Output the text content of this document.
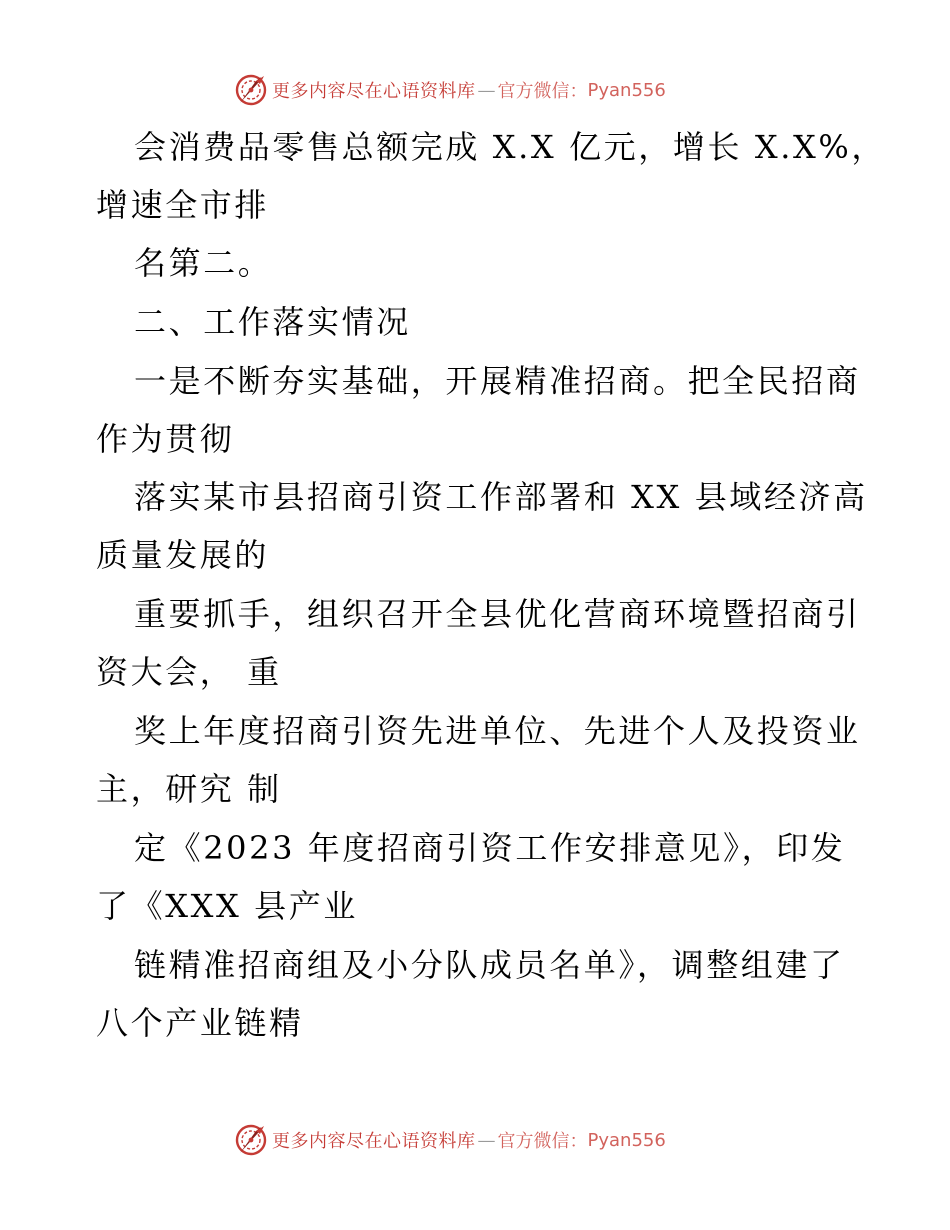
更多内容尽在心语资料库 — 官方微信： Pyan556
会消费品零售总额完成 X.X 亿元，增长 X.X%，
增速全市排
名第二。
二、工作落实情况
一是不断夯实基础，开展精准招商。把全民招商
作为贯彻
落实某市县招商引资工作部署和 XX 县域经济高
质量发展的
重要抓手，组织召开全县优化营商环境暨招商引
资大会， 重
奖上年度招商引资先进单位、先进个人及投资业
主，研究 制
定《2023 年度招商引资工作安排意见》，印发
了《XXX 县产业
链精准招商组及小分队成员名单》，调整组建了
八个产业链精
更多内容尽在心语资料库 — 官方微信： Pyan556
